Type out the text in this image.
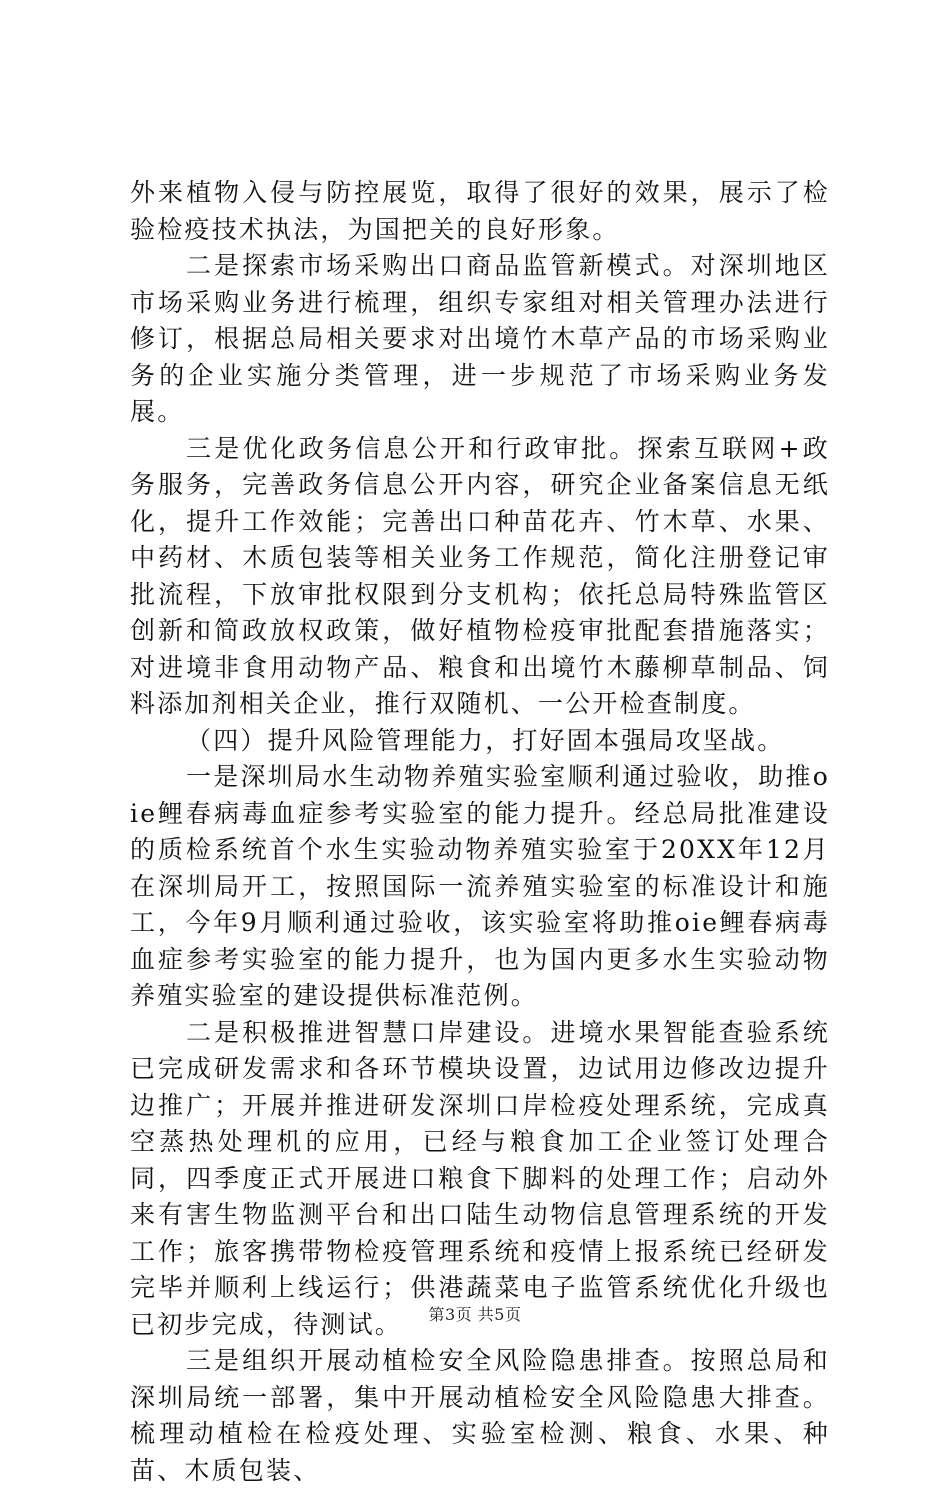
外来植物入侵与防控展览，取得了很好的效果，展示了检验检疫技术执法，为国把关的良好形象。

二是探索市场采购出口商品监管新模式。对深圳地区市场采购业务进行梳理，组织专家组对相关管理办法进行修订，根据总局相关要求对出境竹木草产品的市场采购业务的企业实施分类管理，进一步规范了市场采购业务发展。

三是优化政务信息公开和行政审批。探索互联网+政务服务，完善政务信息公开内容，研究企业备案信息无纸化，提升工作效能；完善出口种苗花卉、竹木草、水果、中药材、木质包装等相关业务工作规范，简化注册登记审批流程，下放审批权限到分支机构；依托总局特殊监管区创新和简政放权政策，做好植物检疫审批配套措施落实；对进境非食用动物产品、粮食和出境竹木藤柳草制品、饲料添加剂相关企业，推行双随机、一公开检查制度。

（四）提升风险管理能力，打好固本强局攻坚战。

一是深圳局水生动物养殖实验室顺利通过验收，助推oie鲤春病毒血症参考实验室的能力提升。经总局批准建设的质检系统首个水生实验动物养殖实验室于20XX年12月在深圳局开工，按照国际一流养殖实验室的标准设计和施工，今年9月顺利通过验收，该实验室将助推oie鲤春病毒血症参考实验室的能力提升，也为国内更多水生实验动物养殖实验室的建设提供标准范例。

二是积极推进智慧口岸建设。进境水果智能查验系统已完成研发需求和各环节模块设置，边试用边修改边提升边推广；开展并推进研发深圳口岸检疫处理系统，完成真空蒸热处理机的应用，已经与粮食加工企业签订处理合同，四季度正式开展进口粮食下脚料的处理工作；启动外来有害生物监测平台和出口陆生动物信息管理系统的开发工作；旅客携带物检疫管理系统和疫情上报系统已经研发完毕并顺利上线运行；供港蔬菜电子监管系统优化升级也已初步完成，待测试。

三是组织开展动植检安全风险隐患排查。按照总局和深圳局统一部署，集中开展动植检安全风险隐患大排查。梳理动植检在检疫处理、实验室检测、粮食、水果、种苗、木质包装、

第3页 共5页
